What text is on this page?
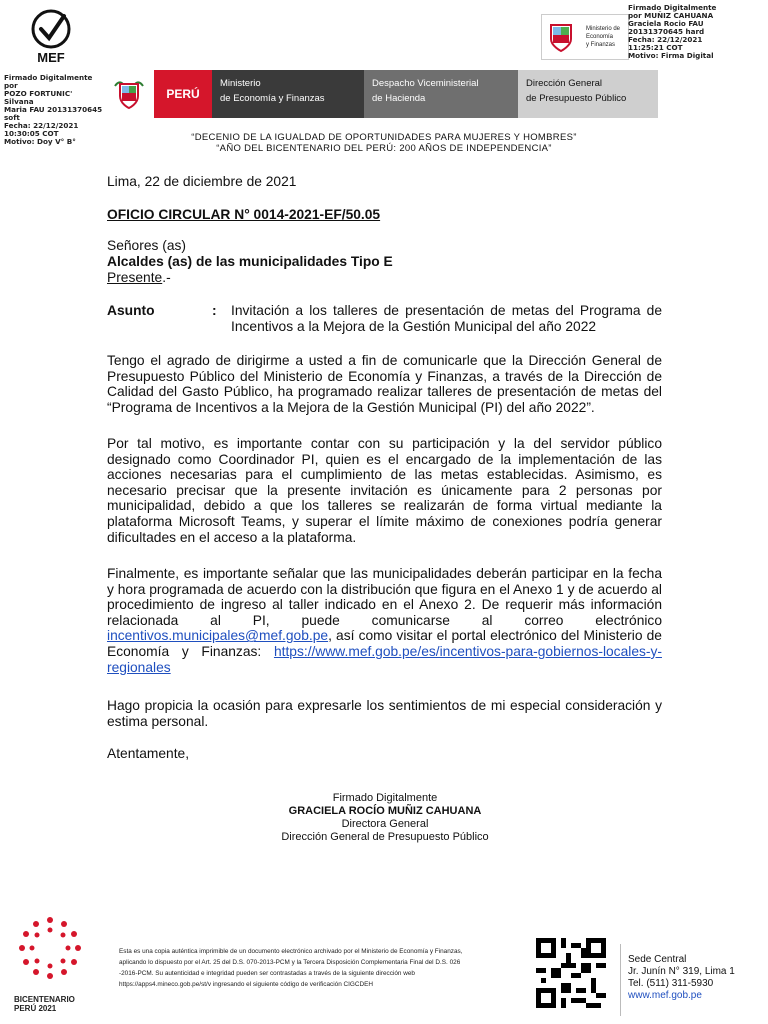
MEF
Firmado Digitalmente por
POZO FORTUNIC' Silvana
Maria FAU 20131370645
soft
Fecha: 22/12/2021
10:30:05 COT
Motivo: Doy V° B°
Ministerio de
Economía
y Finanzas
Firmado Digitalmente
por MUÑIZ CAHUANA
Graciela Rocio FAU
20131370645 hard
Fecha: 22/12/2021
11:25:21 COT
Motivo: Firma Digital
PERÚ
Ministerio
de Economía y Finanzas
Despacho Viceministerial
de Hacienda
Dirección General
de Presupuesto Público
“DECENIO DE LA IGUALDAD DE OPORTUNIDADES PARA MUJERES Y HOMBRES”
“AÑO DEL BICENTENARIO DEL PERÚ: 200 AÑOS DE INDEPENDENCIA”
Lima, 22 de diciembre de 2021
OFICIO CIRCULAR N° 0014-2021-EF/50.05
Señores (as)
Alcaldes (as) de las municipalidades Tipo E
Presente.-
Asunto	:	Invitación a los talleres de presentación de metas del Programa de Incentivos a la Mejora de la Gestión Municipal del año 2022
Tengo el agrado de dirigirme a usted a fin de comunicarle que la Dirección General de Presupuesto Público del Ministerio de Economía y Finanzas, a través de la Dirección de Calidad del Gasto Público, ha programado realizar talleres de presentación de metas del “Programa de Incentivos a la Mejora de la Gestión Municipal (PI) del año 2022”.
Por tal motivo, es importante contar con su participación y la del servidor público designado como Coordinador PI, quien es el encargado de la implementación de las acciones necesarias para el cumplimiento de las metas establecidas. Asimismo, es necesario precisar que la presente invitación es únicamente para 2 personas por municipalidad, debido a que los talleres se realizarán de forma virtual mediante la plataforma Microsoft Teams, y superar el límite máximo de conexiones podría generar dificultades en el acceso a la plataforma.

Finalmente, es importante señalar que las municipalidades deberán participar en la fecha y hora programada de acuerdo con la distribución que figura en el Anexo 1 y de acuerdo al procedimiento de ingreso al taller indicado en el Anexo 2. De requerir más información relacionada al PI, puede comunicarse al correo electrónico incentivos.municipales@mef.gob.pe, así como visitar el portal electrónico del Ministerio de Economía y Finanzas: https://www.mef.gob.pe/es/incentivos-para-gobiernos-locales-y-regionales

Hago propicia la ocasión para expresarle los sentimientos de mi especial consideración y estima personal.
Atentamente,
Firmado Digitalmente
GRACIELA ROCÍO MUÑIZ CAHUANA
Directora General
Dirección General de Presupuesto Público
BICENTENARIO
PERÚ 2021
Esta es una copia auténtica imprimible de un documento electrónico archivado por el Ministerio de Economía y Finanzas,
aplicando lo dispuesto por el Art. 25 del D.S. 070-2013-PCM y la Tercera Disposición Complementaria Final del D.S. 026
-2016-PCM. Su autenticidad e integridad pueden ser contrastadas a través de la siguiente dirección web
https://apps4.mineco.gob.pe/st/v ingresando el siguiente código de verificación CIGCDEH
Sede Central
Jr. Junín N° 319, Lima 1
Tel. (511) 311-5930
www.mef.gob.pe
